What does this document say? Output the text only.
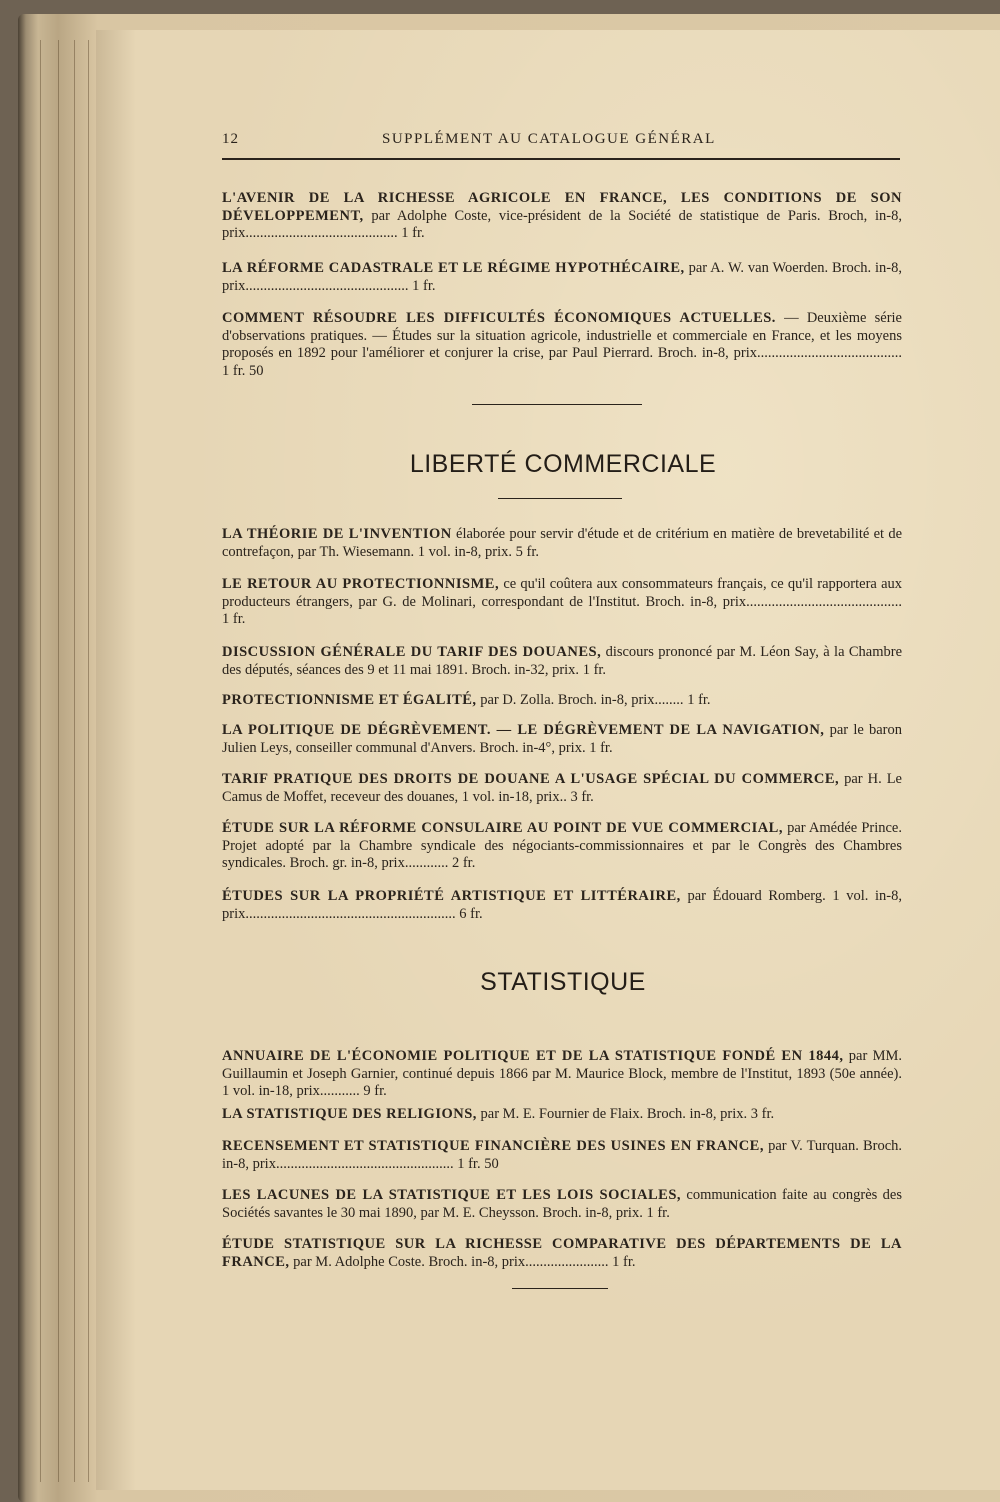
12	SUPPLÉMENT AU CATALOGUE GÉNÉRAL
L'AVENIR DE LA RICHESSE AGRICOLE EN FRANCE, LES CONDITIONS DE SON DÉVELOPPEMENT, par Adolphe Coste, vice-président de la Société de statistique de Paris. Broch, in-8, prix.......................................... 1 fr.
LA RÉFORME CADASTRALE ET LE RÉGIME HYPOTHÉCAIRE, par A. W. van Woerden. Broch. in-8, prix............................................. 1 fr.
COMMENT RÉSOUDRE LES DIFFICULTÉS ÉCONOMIQUES ACTUELLES. — Deuxième série d'observations pratiques. — Études sur la situation agricole, industrielle et commerciale en France, et les moyens proposés en 1892 pour l'améliorer et conjurer la crise, par Paul Pierrard. Broch. in-8, prix........................................ 1 fr. 50
LIBERTÉ COMMERCIALE
LA THÉORIE DE L'INVENTION élaborée pour servir d'étude et de critérium en matière de brevetabilité et de contrefaçon, par Th. Wiesemann. 1 vol. in-8, prix. 5 fr.
LE RETOUR AU PROTECTIONNISME, ce qu'il coûtera aux consommateurs français, ce qu'il rapportera aux producteurs étrangers, par G. de Molinari, correspondant de l'Institut. Broch. in-8, prix........................................... 1 fr.
DISCUSSION GÉNÉRALE DU TARIF DES DOUANES, discours prononcé par M. Léon Say, à la Chambre des députés, séances des 9 et 11 mai 1891. Broch. in-32, prix. 1 fr.
PROTECTIONNISME ET ÉGALITÉ, par D. Zolla. Broch. in-8, prix........ 1 fr.
LA POLITIQUE DE DÉGRÈVEMENT. — LE DÉGRÈVEMENT DE LA NAVIGATION, par le baron Julien Leys, conseiller communal d'Anvers. Broch. in-4°, prix. 1 fr.
TARIF PRATIQUE DES DROITS DE DOUANE A L'USAGE SPÉCIAL DU COMMERCE, par H. Le Camus de Moffet, receveur des douanes, 1 vol. in-18, prix.. 3 fr.
ÉTUDE SUR LA RÉFORME CONSULAIRE AU POINT DE VUE COMMERCIAL, par Amédée Prince. Projet adopté par la Chambre syndicale des négociants-commissionnaires et par le Congrès des Chambres syndicales. Broch. gr. in-8, prix............ 2 fr.
ÉTUDES SUR LA PROPRIÉTÉ ARTISTIQUE ET LITTÉRAIRE, par Édouard Romberg. 1 vol. in-8, prix.......................................................... 6 fr.
STATISTIQUE
ANNUAIRE DE L'ÉCONOMIE POLITIQUE ET DE LA STATISTIQUE FONDÉ EN 1844, par MM. Guillaumin et Joseph Garnier, continué depuis 1866 par M. Maurice Block, membre de l'Institut, 1893 (50e année). 1 vol. in-18, prix........... 9 fr.
LA STATISTIQUE DES RELIGIONS, par M. E. Fournier de Flaix. Broch. in-8, prix. 3 fr.
RECENSEMENT ET STATISTIQUE FINANCIÈRE DES USINES EN FRANCE, par V. Turquan. Broch. in-8, prix................................................. 1 fr. 50
LES LACUNES DE LA STATISTIQUE ET LES LOIS SOCIALES, communication faite au congrès des Sociétés savantes le 30 mai 1890, par M. E. Cheysson. Broch. in-8, prix. 1 fr.
ÉTUDE STATISTIQUE SUR LA RICHESSE COMPARATIVE DES DÉPARTEMENTS DE LA FRANCE, par M. Adolphe Coste. Broch. in-8, prix....................... 1 fr.
